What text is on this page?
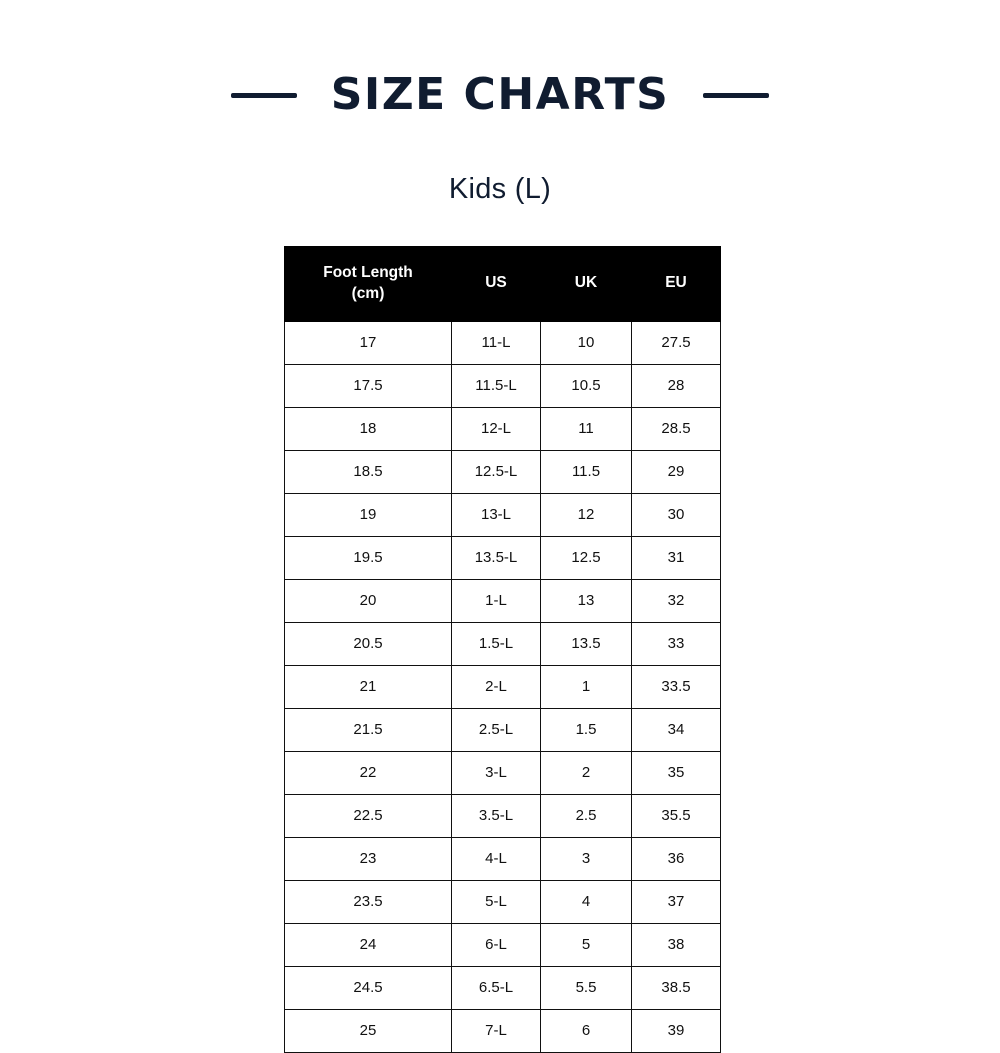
SIZE CHARTS
Kids (L)
Foot Length
(cm)	US	UK	EU
17	11-L	10	27.5
17.5	11.5-L	10.5	28
18	12-L	11	28.5
18.5	12.5-L	11.5	29
19	13-L	12	30
19.5	13.5-L	12.5	31
20	1-L	13	32
20.5	1.5-L	13.5	33
21	2-L	1	33.5
21.5	2.5-L	1.5	34
22	3-L	2	35
22.5	3.5-L	2.5	35.5
23	4-L	3	36
23.5	5-L	4	37
24	6-L	5	38
24.5	6.5-L	5.5	38.5
25	7-L	6	39
